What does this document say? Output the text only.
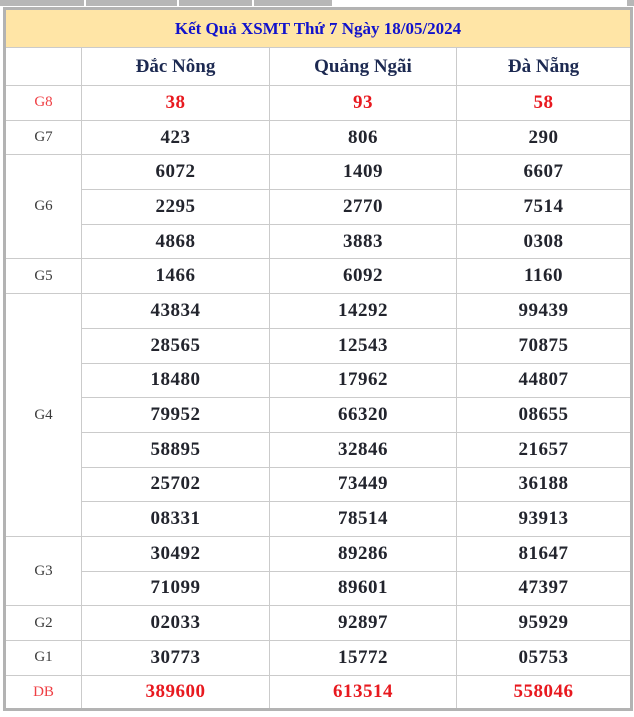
Kết Quả XSMT Thứ 7 Ngày 18/05/2024			
	Đắc Nông	Quảng Ngãi	Đà Nẵng
G8	38	93	58
G7	423	806	290
G6	6072	1409	6607
	2295	2770	7514
	4868	3883	0308
G5	1466	6092	1160
G4	43834	14292	99439
	28565	12543	70875
	18480	17962	44807
	79952	66320	08655
	58895	32846	21657
	25702	73449	36188
	08331	78514	93913
G3	30492	89286	81647
	71099	89601	47397
G2	02033	92897	95929
G1	30773	15772	05753
DB	389600	613514	558046
